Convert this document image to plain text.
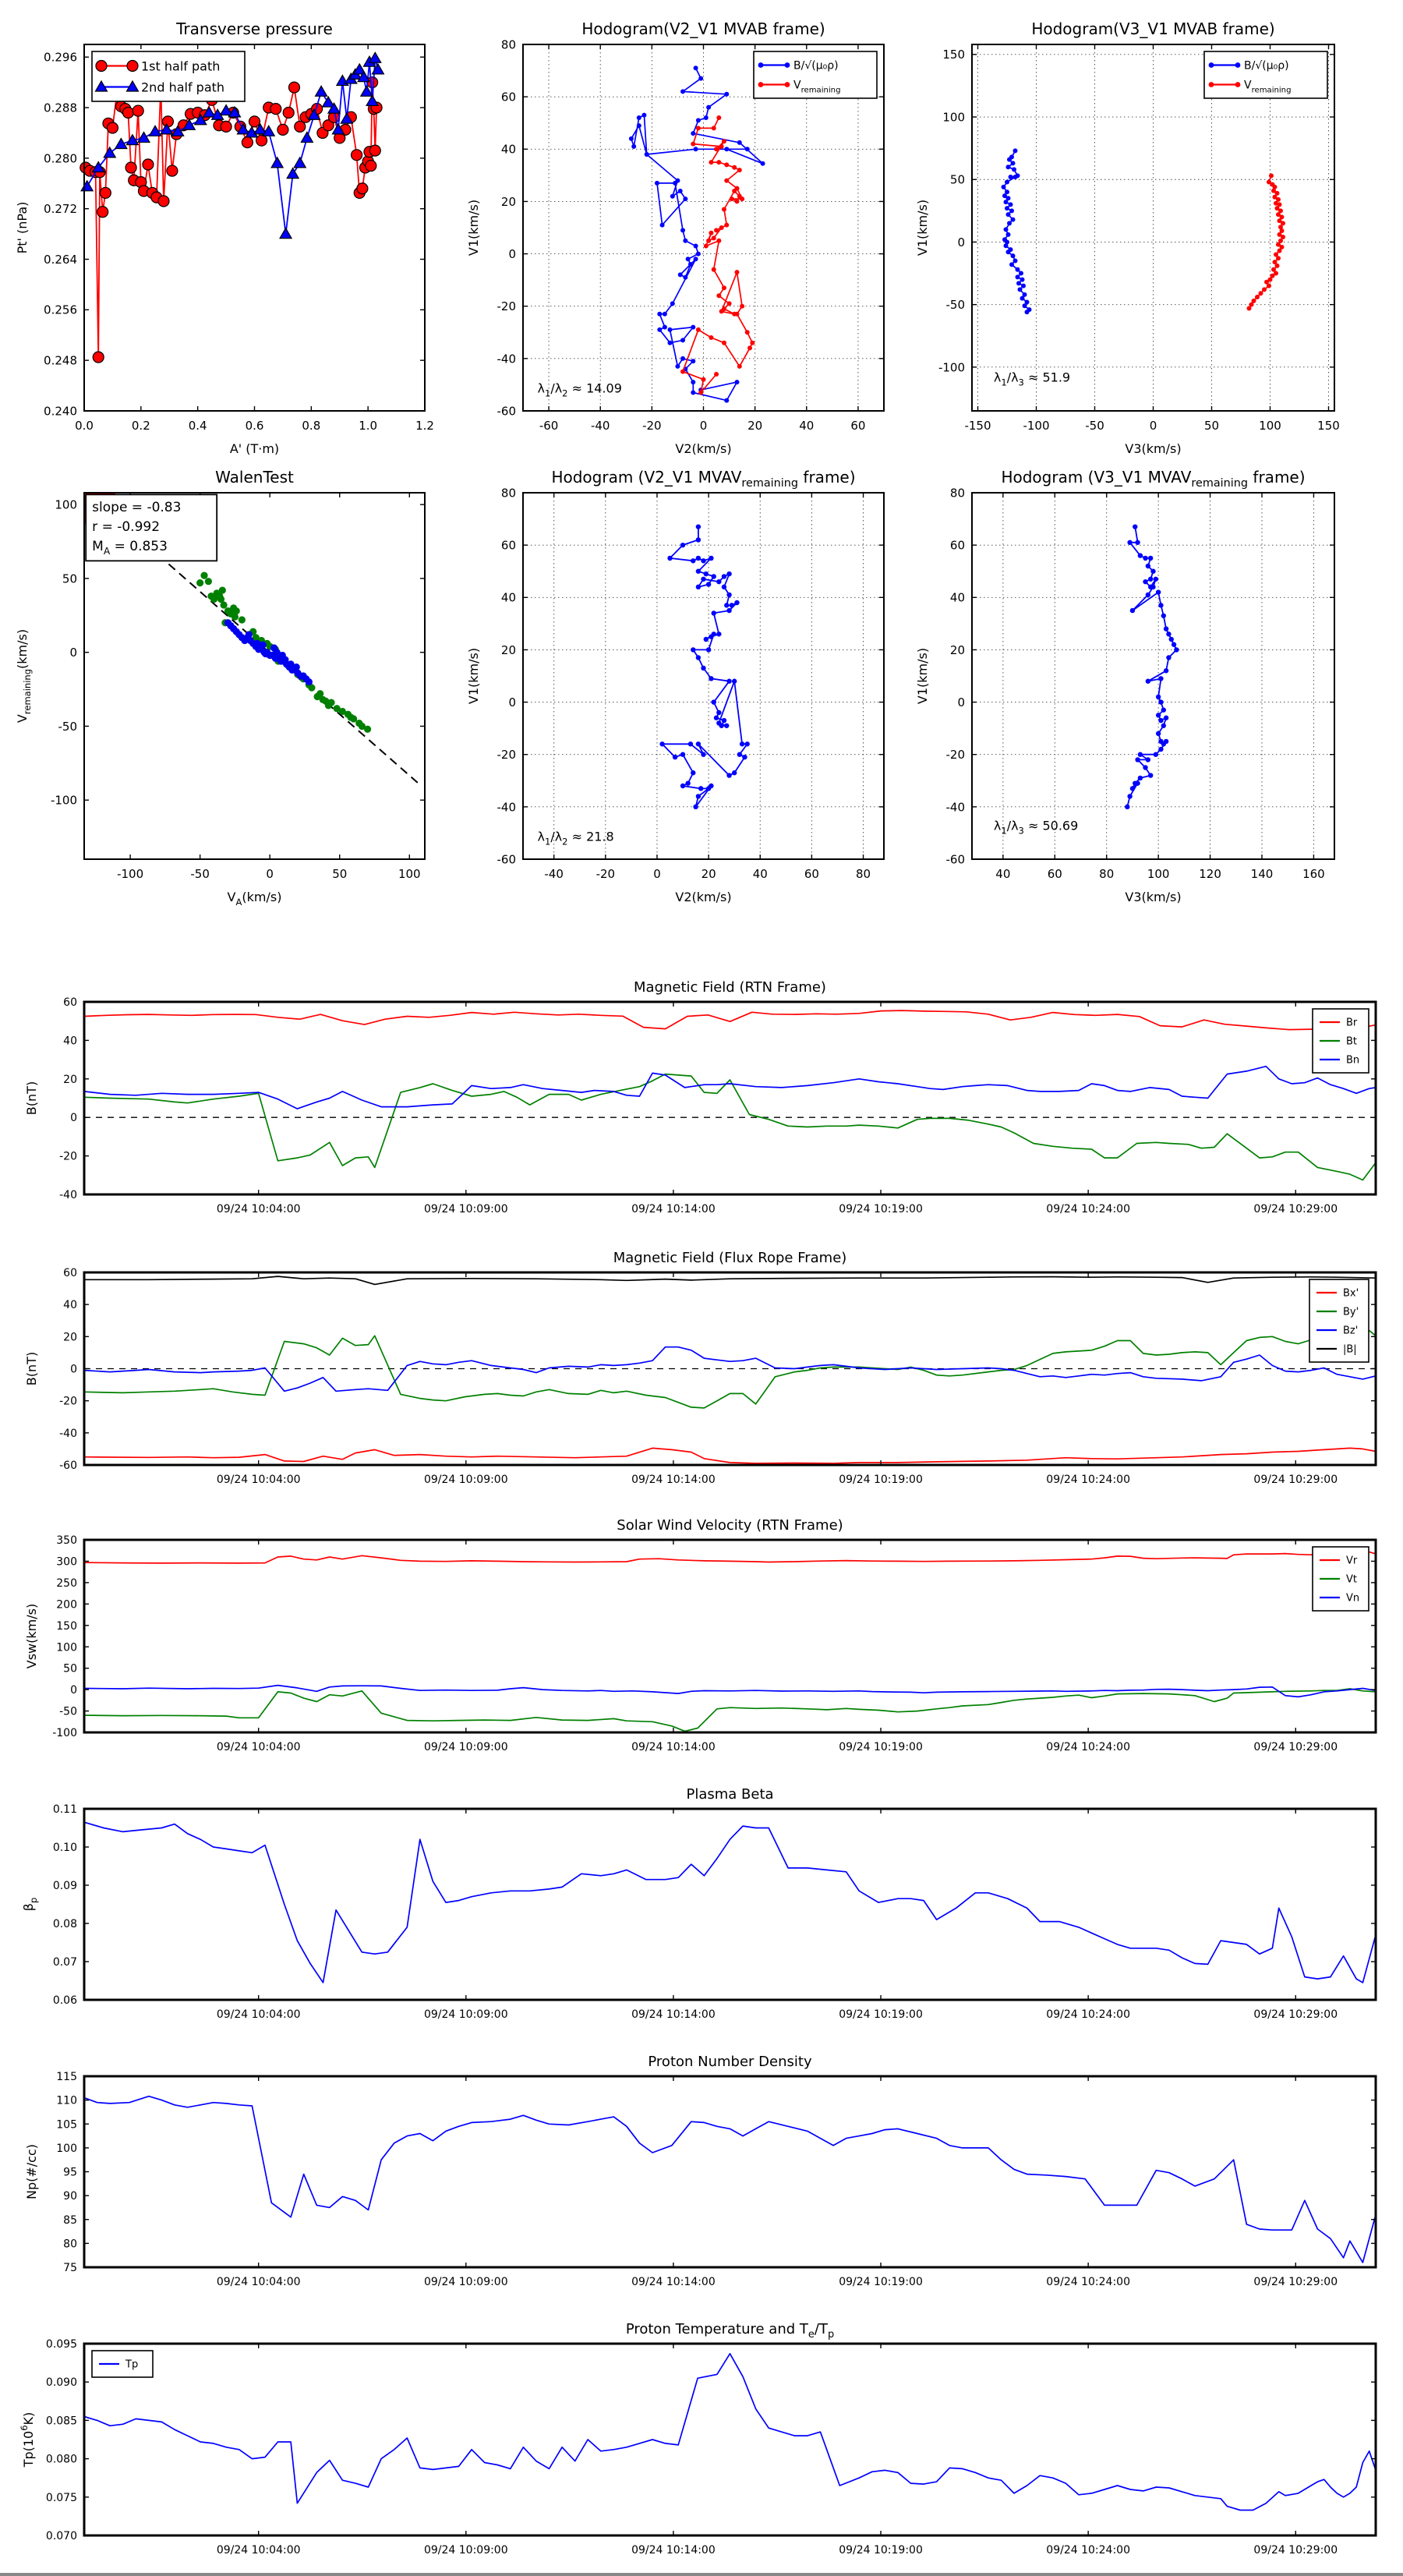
0.0	0.2	0.4	0.6	0.8	1.0	1.2
0.240
0.248
0.256
0.264
0.272
0.280
0.288
0.296
Transverse pressure
A' (T·m)
Pt' (nPa)
1st half path
2nd half path
-60	-40	-20	0	20	40	60
-60
-40
-20
0
20
40
60
80
Hodogram(V2_V1 MVAB frame)
V2(km/s)
V1(km/s)
B/√(μ₀ρ)
$V_{remaining}$
$\lambda_1/\lambda_2 \approx 14.09$
-150	-100	-50	0	50	100	150
-100
-50
0
50
100
150
Hodogram(V3_V1 MVAB frame)
V3(km/s)
V1(km/s)
B/√(μ₀ρ)
$V_{remaining}$
$\lambda_1/\lambda_3 \approx 51.9$
-100	-50	0	50	100
-100
-50
0
50
100
WalenTest
$V_A(km/s)$
$V_{remaining}(km/s)$
slope = -0.83
r = -0.992
$M_A = 0.853$
-40	-20	0	20	40	60	80
-60
-40
-20
0
20
40
60
80
Hodogram (V2_V1 $MVAV_{remaining}$ frame)
V2(km/s)
V1(km/s)
$\lambda_1/\lambda_2 \approx 21.8$
40	60	80	100	120	140	160
-60
-40
-20
0
20
40
60
80
Hodogram (V3_V1 $MVAV_{remaining}$ frame)
V3(km/s)
V1(km/s)
$\lambda_1/\lambda_3 \approx 50.69$
09/24 10:04:00	09/24 10:09:00	09/24 10:14:00	09/24 10:19:00	09/24 10:24:00	09/24 10:29:00
-40
-20
0
20
40
60
Magnetic Field (RTN Frame)
B(nT)
Br
Bt
Bn
09/24 10:04:00	09/24 10:09:00	09/24 10:14:00	09/24 10:19:00	09/24 10:24:00	09/24 10:29:00
-60
-40
-20
0
20
40
60
Magnetic Field (Flux Rope Frame)
B(nT)
Bx'
By'
Bz'
|B|
09/24 10:04:00	09/24 10:09:00	09/24 10:14:00	09/24 10:19:00	09/24 10:24:00	09/24 10:29:00
-100
-50
0
50
100
150
200
250
300
350
Solar Wind Velocity (RTN Frame)
Vsw(km/s)
Vr
Vt
Vn
09/24 10:04:00	09/24 10:09:00	09/24 10:14:00	09/24 10:19:00	09/24 10:24:00	09/24 10:29:00
0.06
0.07
0.08
0.09
0.10
0.11
Plasma Beta
$\beta_p$
09/24 10:04:00	09/24 10:09:00	09/24 10:14:00	09/24 10:19:00	09/24 10:24:00	09/24 10:29:00
75
80
85
90
95
100
105
110
115
Proton Number Density
Np(#/cc)
09/24 10:04:00	09/24 10:09:00	09/24 10:14:00	09/24 10:19:00	09/24 10:24:00	09/24 10:29:00
0.070
0.075
0.080
0.085
0.090
0.095
Proton Temperature and $T_e/T_p$
$Tp(10^6K)$
Tp
